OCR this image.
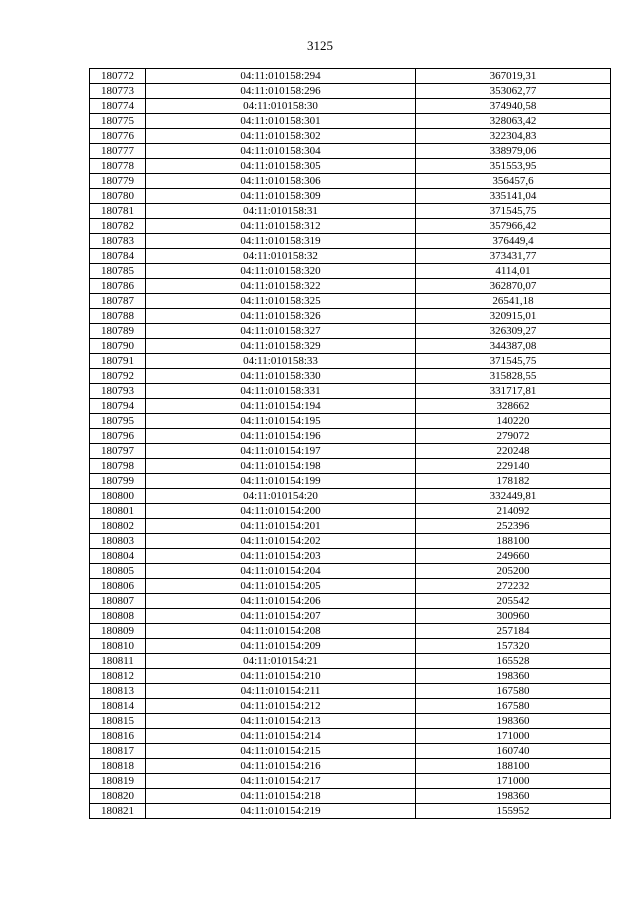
3125
180772	04:11:010158:294	367019,31
180773	04:11:010158:296	353062,77
180774	04:11:010158:30	374940,58
180775	04:11:010158:301	328063,42
180776	04:11:010158:302	322304,83
180777	04:11:010158:304	338979,06
180778	04:11:010158:305	351553,95
180779	04:11:010158:306	356457,6
180780	04:11:010158:309	335141,04
180781	04:11:010158:31	371545,75
180782	04:11:010158:312	357966,42
180783	04:11:010158:319	376449,4
180784	04:11:010158:32	373431,77
180785	04:11:010158:320	4114,01
180786	04:11:010158:322	362870,07
180787	04:11:010158:325	26541,18
180788	04:11:010158:326	320915,01
180789	04:11:010158:327	326309,27
180790	04:11:010158:329	344387,08
180791	04:11:010158:33	371545,75
180792	04:11:010158:330	315828,55
180793	04:11:010158:331	331717,81
180794	04:11:010154:194	328662
180795	04:11:010154:195	140220
180796	04:11:010154:196	279072
180797	04:11:010154:197	220248
180798	04:11:010154:198	229140
180799	04:11:010154:199	178182
180800	04:11:010154:20	332449,81
180801	04:11:010154:200	214092
180802	04:11:010154:201	252396
180803	04:11:010154:202	188100
180804	04:11:010154:203	249660
180805	04:11:010154:204	205200
180806	04:11:010154:205	272232
180807	04:11:010154:206	205542
180808	04:11:010154:207	300960
180809	04:11:010154:208	257184
180810	04:11:010154:209	157320
180811	04:11:010154:21	165528
180812	04:11:010154:210	198360
180813	04:11:010154:211	167580
180814	04:11:010154:212	167580
180815	04:11:010154:213	198360
180816	04:11:010154:214	171000
180817	04:11:010154:215	160740
180818	04:11:010154:216	188100
180819	04:11:010154:217	171000
180820	04:11:010154:218	198360
180821	04:11:010154:219	155952
